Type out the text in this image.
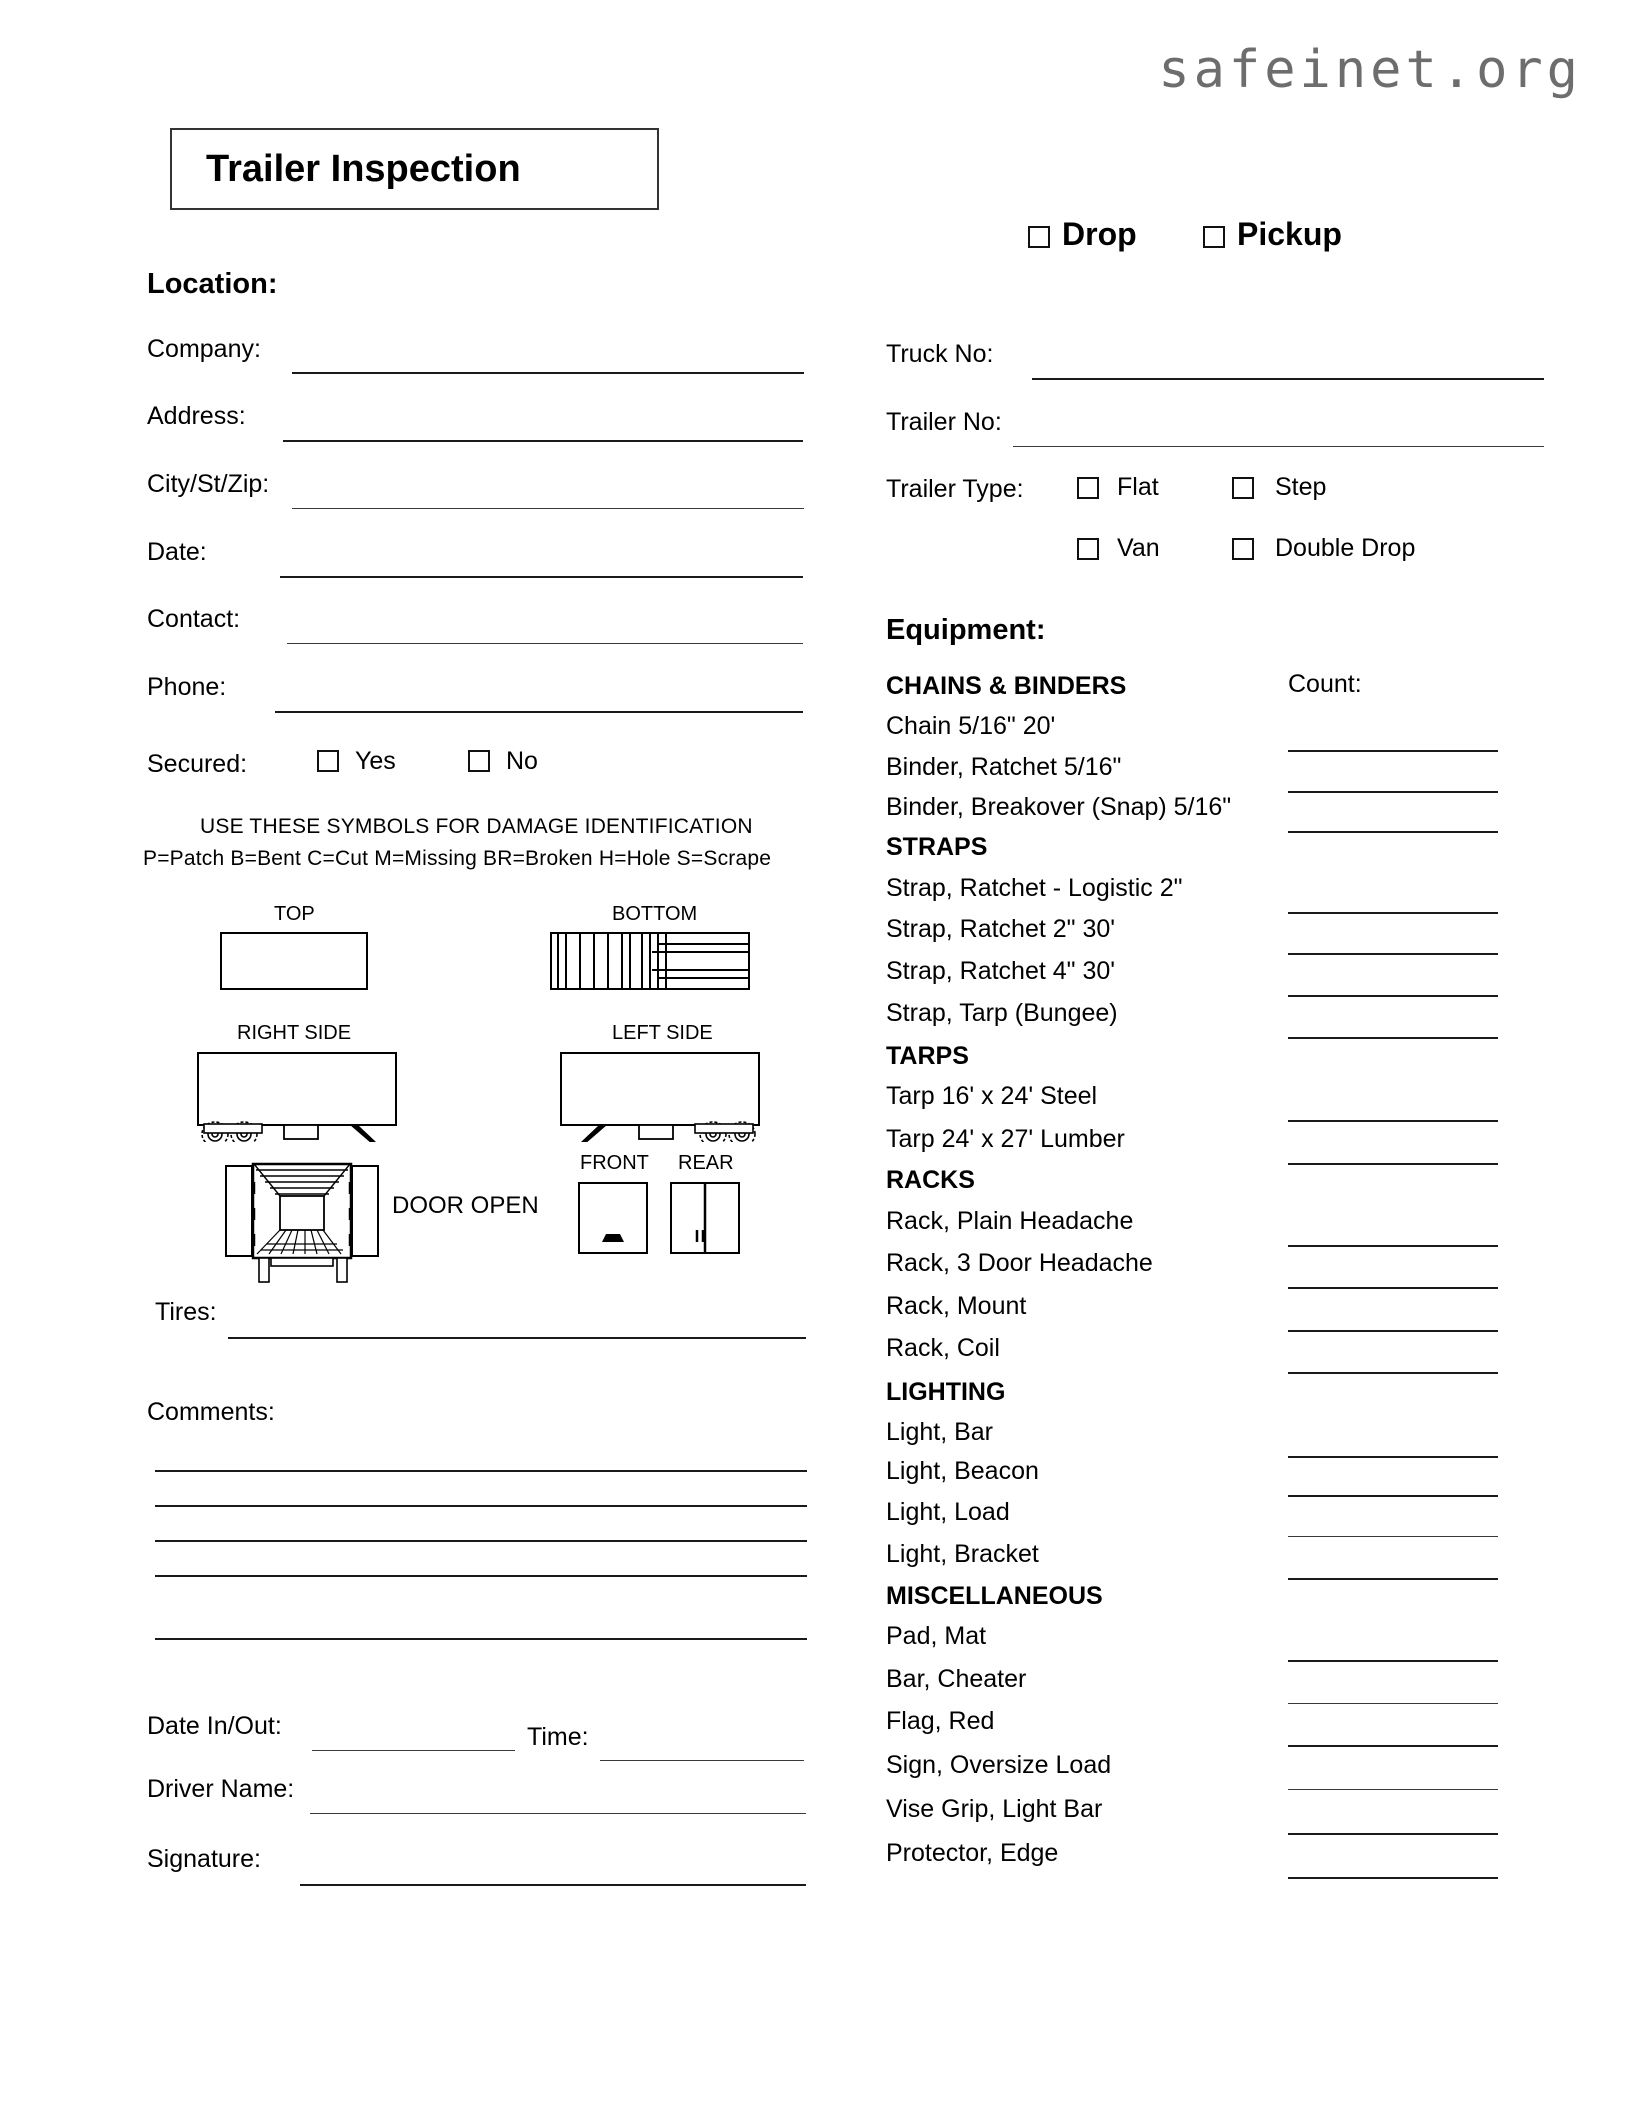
safeinet.org
Trailer Inspection
Drop	Pickup
Location:
Company:
Address:
City/St/Zip:
Date:
Contact:
Phone:
Secured:	Yes	No
USE THESE SYMBOLS FOR DAMAGE IDENTIFICATION
P=Patch B=Bent C=Cut M=Missing BR=Broken H=Hole S=Scrape
TOP	BOTTOM
RIGHT SIDE	LEFT SIDE
DOOR OPEN
FRONT REAR
Tires:
Comments:
Date In/Out:	Time:
Driver Name:
Signature:
Truck No:
Trailer No:
Trailer Type:	Flat	Step
Van	Double Drop
Equipment:
Count:
CHAINS & BINDERS
Chain 5/16" 20'
Binder, Ratchet 5/16"
Binder, Breakover (Snap) 5/16"
STRAPS
Strap, Ratchet - Logistic 2"
Strap, Ratchet 2" 30'
Strap, Ratchet 4" 30'
Strap, Tarp (Bungee)
TARPS
Tarp 16' x 24' Steel
Tarp 24' x 27' Lumber
RACKS
Rack, Plain Headache
Rack, 3 Door Headache
Rack, Mount
Rack, Coil
LIGHTING
Light, Bar
Light, Beacon
Light, Load
Light, Bracket
MISCELLANEOUS
Pad, Mat
Bar, Cheater
Flag, Red
Sign, Oversize Load
Vise Grip, Light Bar
Protector, Edge
